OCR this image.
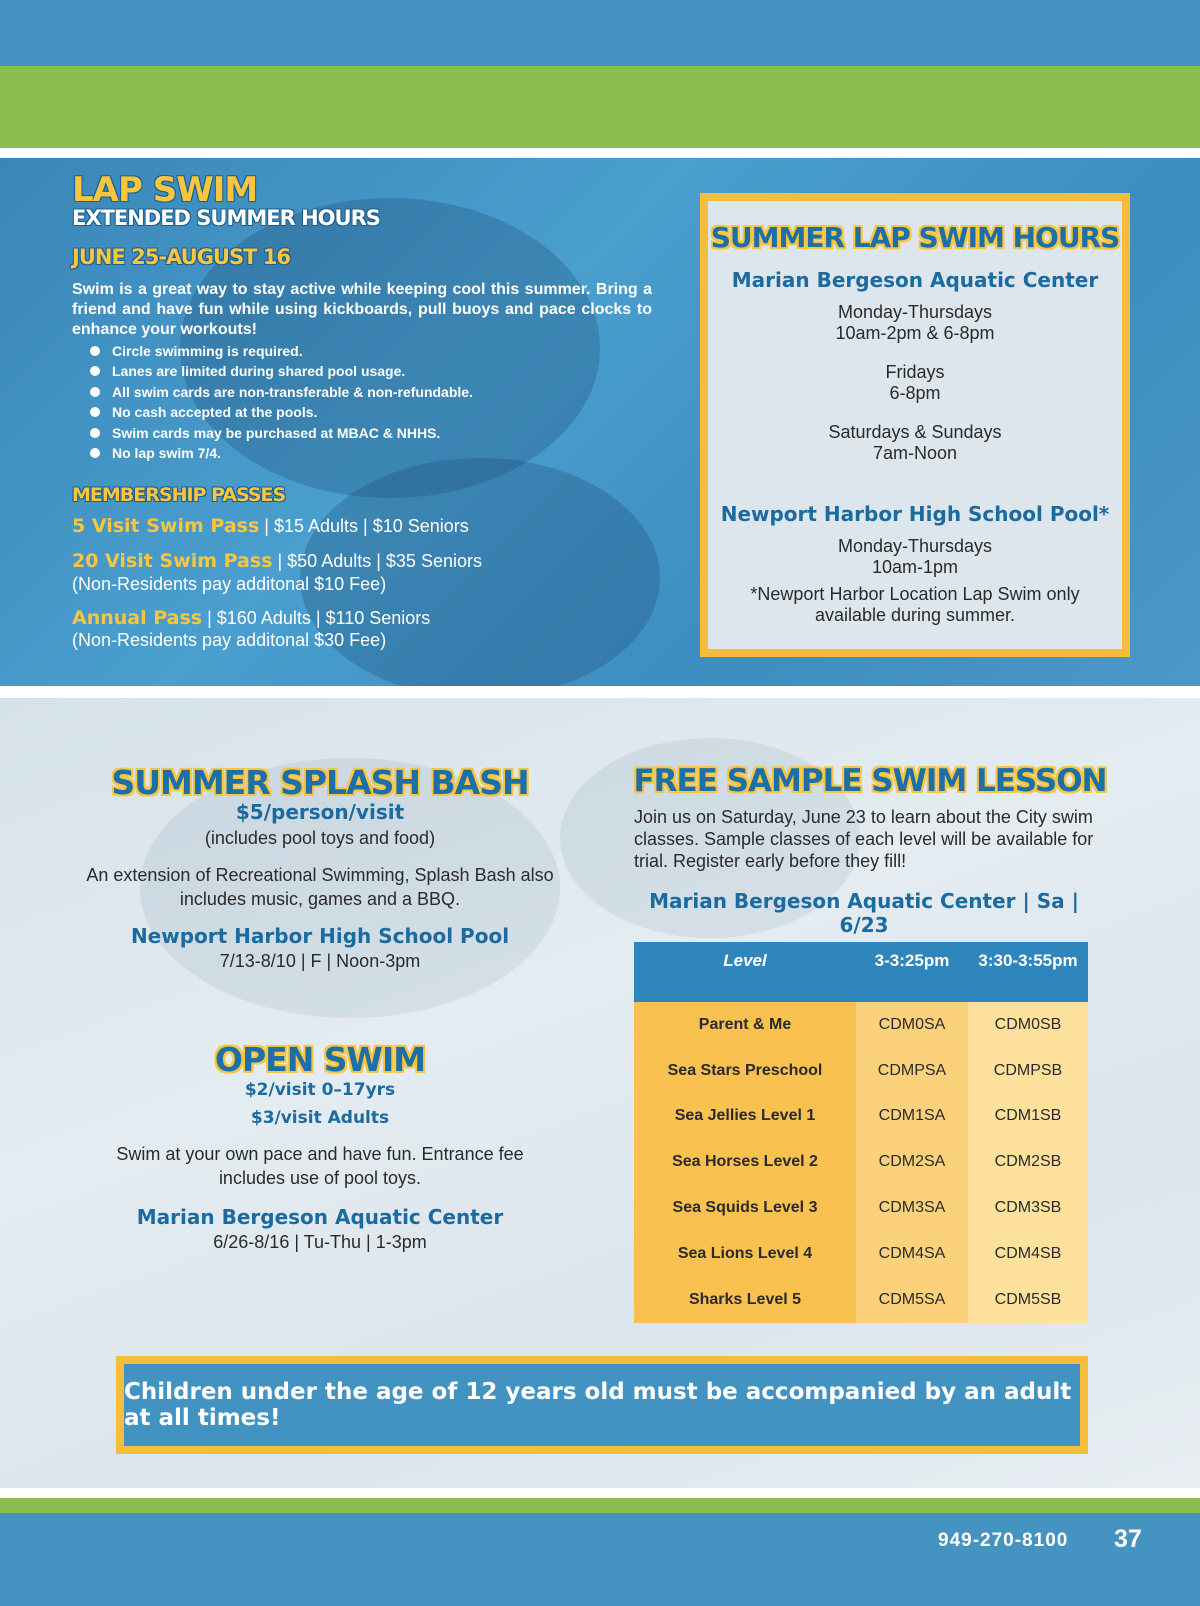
LAP SWIM
EXTENDED SUMMER HOURS
JUNE 25-AUGUST 16
Swim is a great way to stay active while keeping cool this summer. Bring a friend and have fun while using kickboards, pull buoys and pace clocks to enhance your workouts!
Circle swimming is required.
Lanes are limited during shared pool usage.
All swim cards are non-transferable & non-refundable.
No cash accepted at the pools.
Swim cards may be purchased at MBAC & NHHS.
No lap swim 7/4.
MEMBERSHIP PASSES
5 Visit Swim Pass | $15 Adults | $10 Seniors
20 Visit Swim Pass | $50 Adults | $35 Seniors
(Non-Residents pay additonal $10 Fee)
Annual Pass | $160 Adults | $110 Seniors
(Non-Residents pay additonal $30 Fee)
SUMMER LAP SWIM HOURS
Marian Bergeson Aquatic Center
Monday-Thursdays
10am-2pm & 6-8pm
Fridays
6-8pm
Saturdays & Sundays
7am-Noon
Newport Harbor High School Pool*
Monday-Thursdays
10am-1pm
*Newport Harbor Location Lap Swim only
available during summer.
SUMMER SPLASH BASH
$5/person/visit
(includes pool toys and food)
An extension of Recreational Swimming, Splash Bash also includes music, games and a BBQ.
Newport Harbor High School Pool
7/13-8/10 | F | Noon-3pm
OPEN SWIM
$2/visit 0–17yrs
$3/visit Adults
Swim at your own pace and have fun. Entrance fee includes use of pool toys.
Marian Bergeson Aquatic Center
6/26-8/16 | Tu-Thu | 1-3pm
FREE SAMPLE SWIM LESSON
Join us on Saturday, June 23 to learn about the City swim classes. Sample classes of each level will be available for trial. Register early before they fill!
Marian Bergeson Aquatic Center | Sa | 6/23
Level	3-3:25pm	3:30-3:55pm
Parent & Me	CDM0SA	CDM0SB
Sea Stars Preschool	CDMPSA	CDMPSB
Sea Jellies Level 1	CDM1SA	CDM1SB
Sea Horses Level 2	CDM2SA	CDM2SB
Sea Squids Level 3	CDM3SA	CDM3SB
Sea Lions Level 4	CDM4SA	CDM4SB
Sharks Level 5	CDM5SA	CDM5SB
Children under the age of 12 years old must be accompanied by an adult at all times!
949-270-8100 37
